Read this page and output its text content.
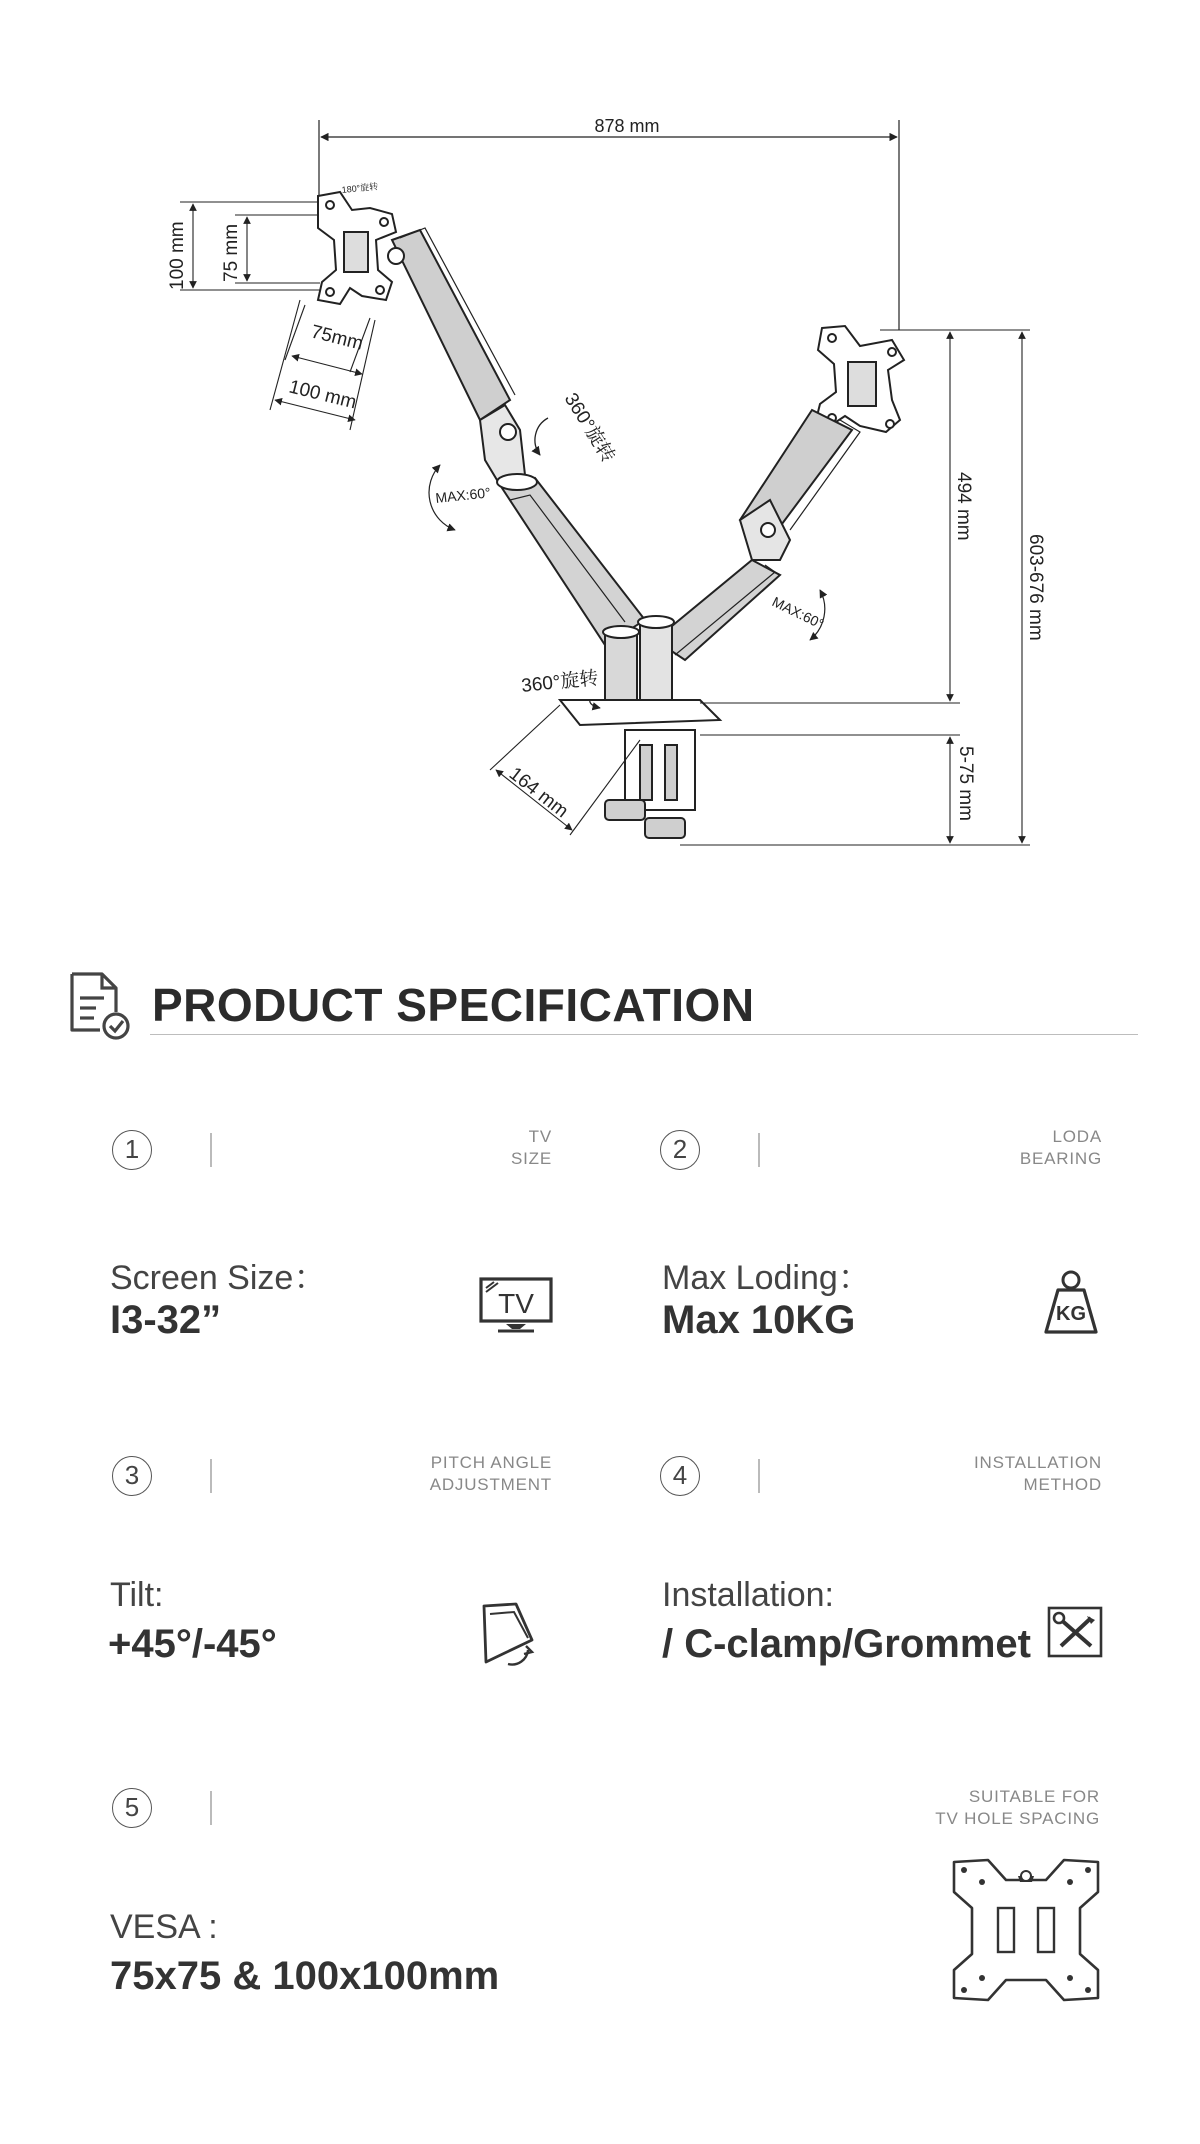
878 mm
100 mm 75 mm
75mm
100 mm
180°旋转
360°旋转
MAX:60°
MAX:60°
360°旋转
494 mm
603-676 mm
5-75 mm
164 mm
PRODUCT SPECIFICATION
1	TV
SIZE
Screen Size：
I3-32”	TV
2	LODA
BEARING
Max Loding：
Max 10KG	KG
3	PITCH ANGLE
ADJUSTMENT
Tilt:
+45°/-45°
4	INSTALLATION
METHOD
Installation:
/ C-clamp/Grommet
5	SUITABLE FOR
TV HOLE SPACING
VESA :
75x75 & 100x100mm
